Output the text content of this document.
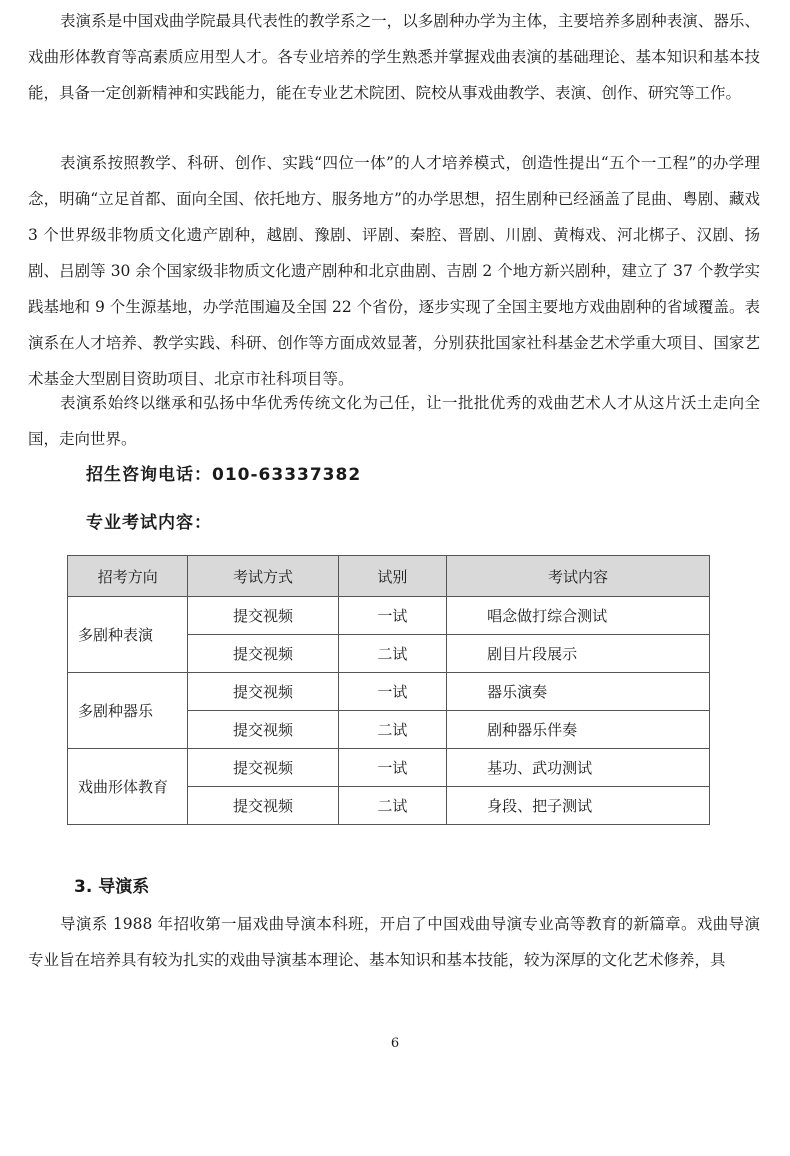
表演系是中国戏曲学院最具代表性的教学系之一，以多剧种办学为主体，主要培养多剧种表演、器乐、戏曲形体教育等高素质应用型人才。各专业培养的学生熟悉并掌握戏曲表演的基础理论、基本知识和基本技能，具备一定创新精神和实践能力，能在专业艺术院团、院校从事戏曲教学、表演、创作、研究等工作。

表演系按照教学、科研、创作、实践“四位一体”的人才培养模式，创造性提出“五个一工程”的办学理念，明确“立足首都、面向全国、依托地方、服务地方”的办学思想，招生剧种已经涵盖了昆曲、粤剧、藏戏 3 个世界级非物质文化遗产剧种，越剧、豫剧、评剧、秦腔、晋剧、川剧、黄梅戏、河北梆子、汉剧、扬剧、吕剧等 30 余个国家级非物质文化遗产剧种和北京曲剧、吉剧 2 个地方新兴剧种，建立了 37 个教学实践基地和 9 个生源基地，办学范围遍及全国 22 个省份，逐步实现了全国主要地方戏曲剧种的省域覆盖。表演系在人才培养、教学实践、科研、创作等方面成效显著，分别获批国家社科基金艺术学重大项目、国家艺术基金大型剧目资助项目、北京市社科项目等。

表演系始终以继承和弘扬中华优秀传统文化为己任，让一批批优秀的戏曲艺术人才从这片沃土走向全国，走向世界。

招生咨询电话：010-63337382
专业考试内容：
招考方向	考试方式	试别	考试内容
多剧种表演	提交视频	一试	唱念做打综合测试
	提交视频	二试	剧目片段展示
多剧种器乐	提交视频	一试	器乐演奏
	提交视频	二试	剧种器乐伴奏
戏曲形体教育	提交视频	一试	基功、武功测试
	提交视频	二试	身段、把子测试
3. 导演系

导演系 1988 年招收第一届戏曲导演本科班，开启了中国戏曲导演专业高等教育的新篇章。戏曲导演专业旨在培养具有较为扎实的戏曲导演基本理论、基本知识和基本技能，较为深厚的文化艺术修养，具

6
